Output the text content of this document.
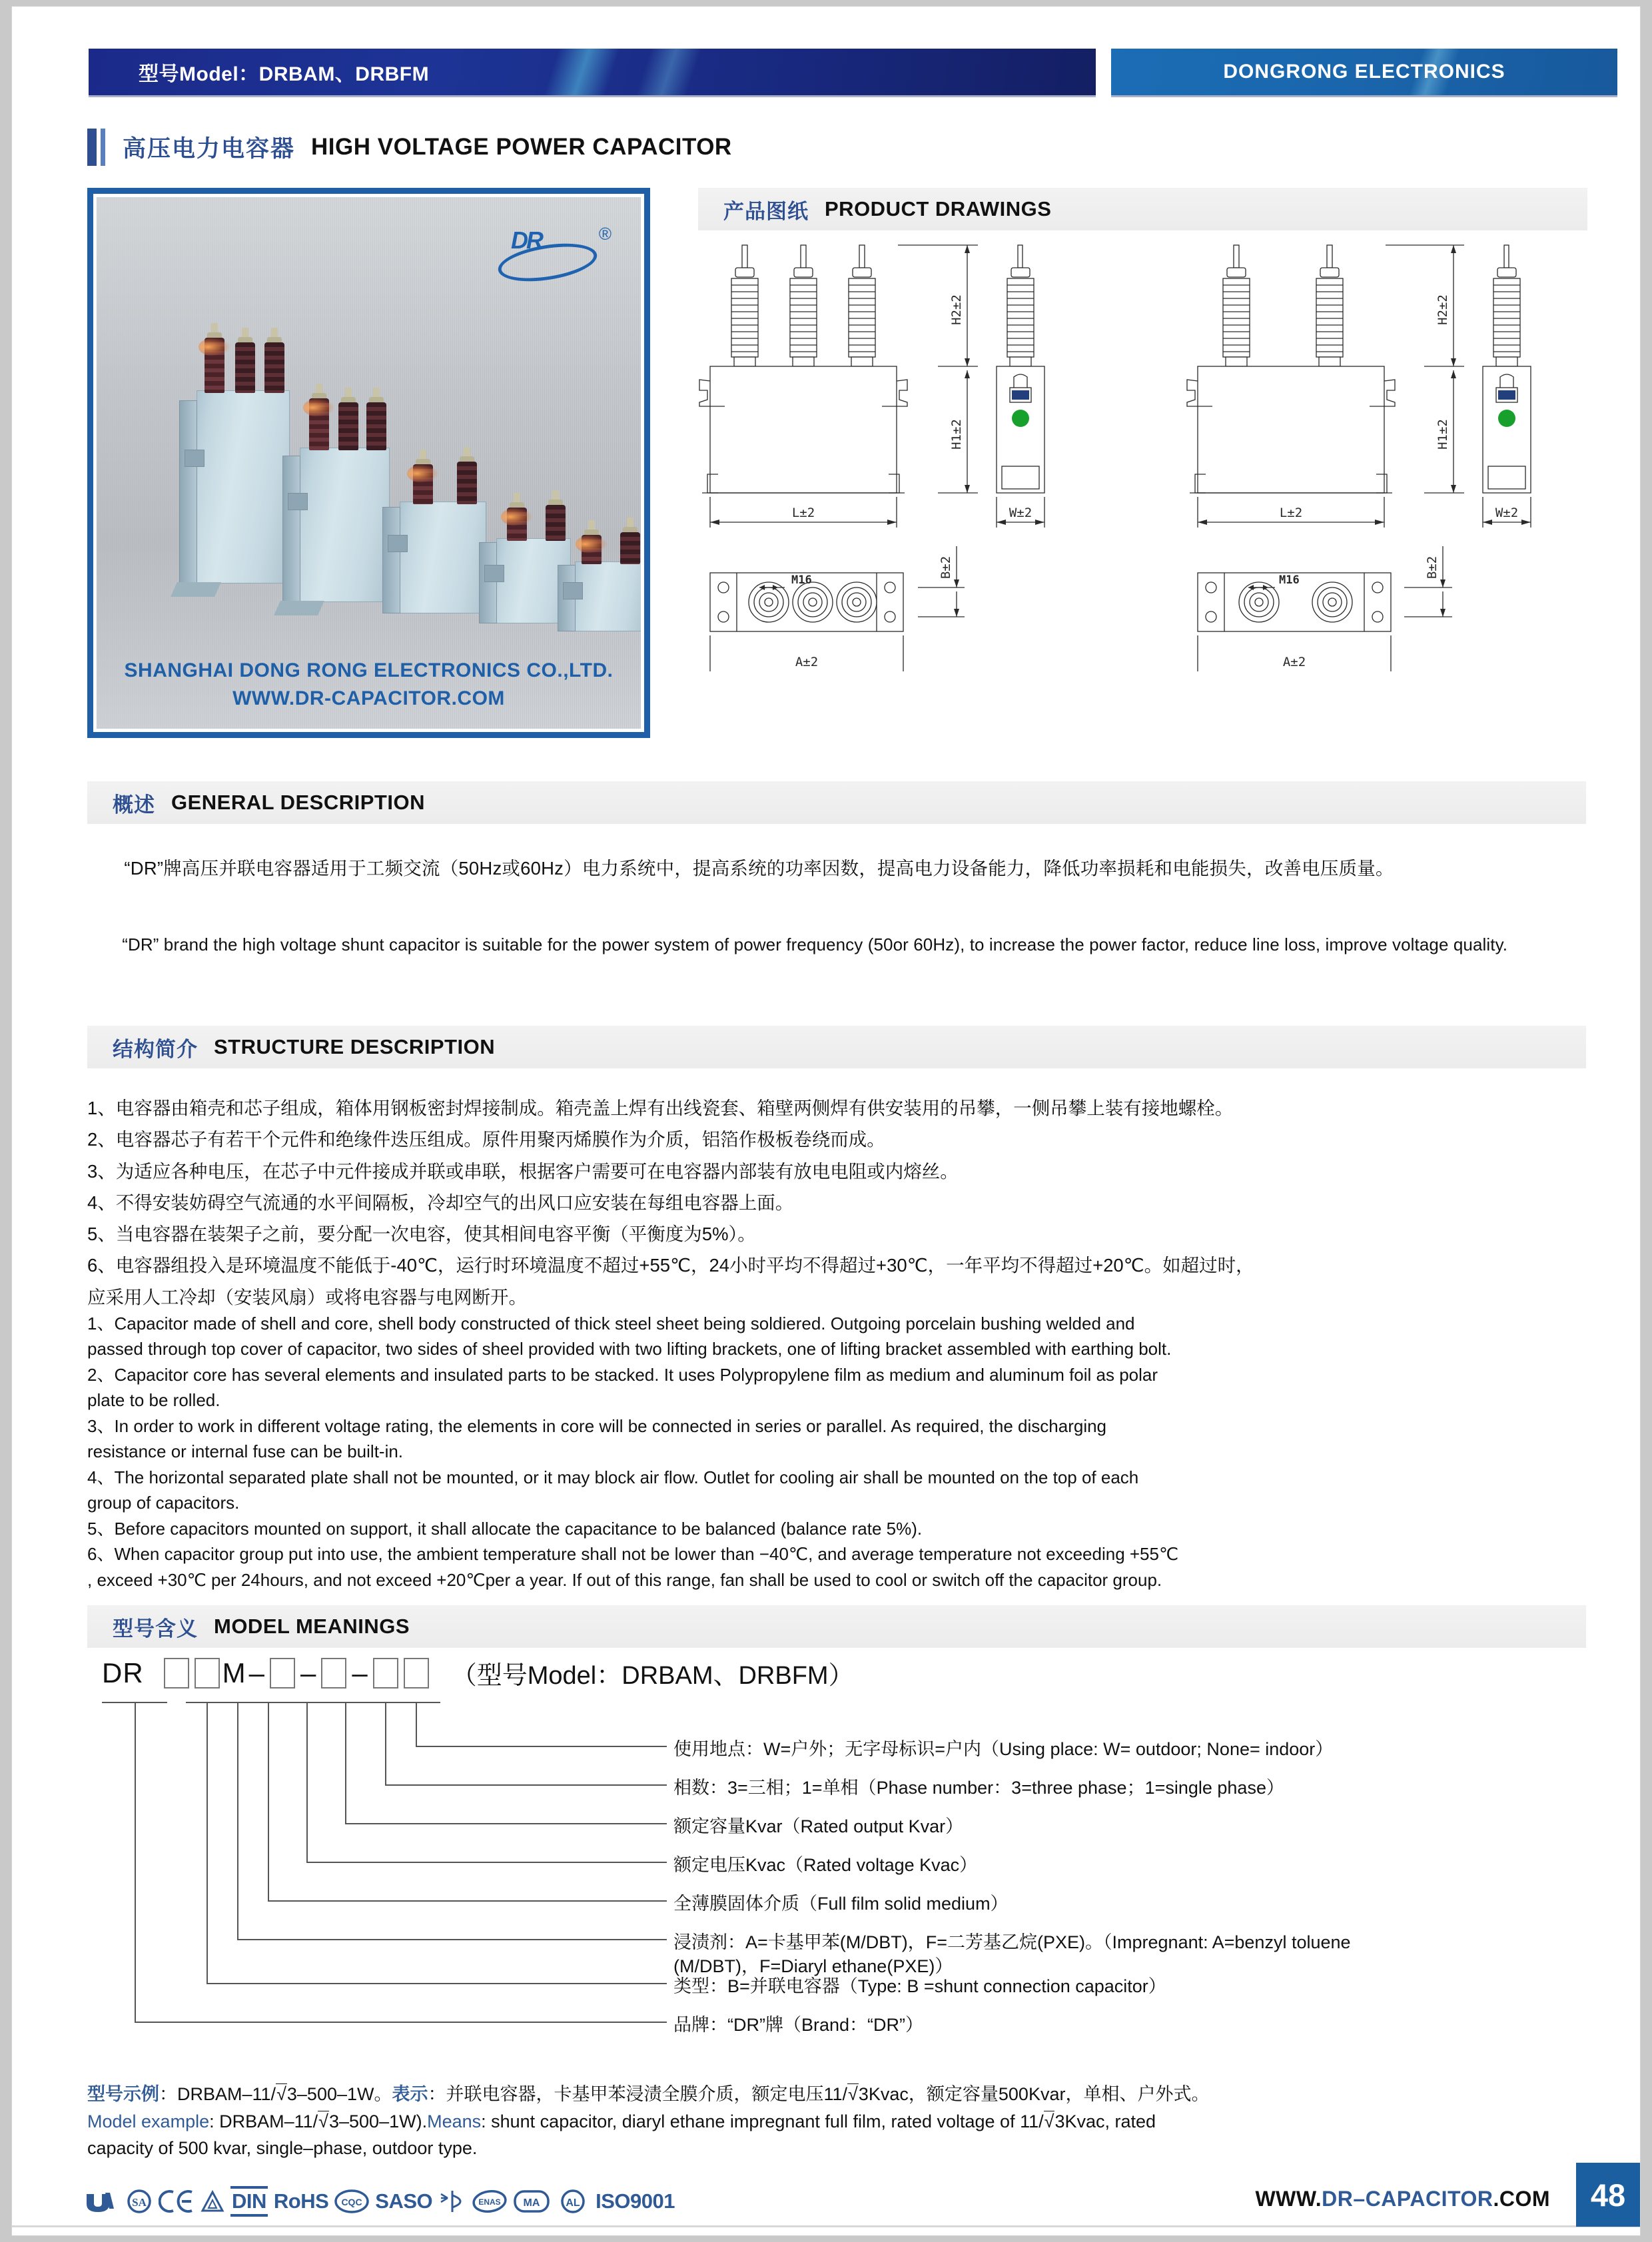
型号Model：DRBAM、DRBFM	DONGRONG ELECTRONICS
高压电力电容器 HIGH VOLTAGE POWER CAPACITOR
DR	®
SHANGHAI DONG RONG ELECTRONICS CO.,LTD.
WWW.DR-CAPACITOR.COM
产品图纸 PRODUCT DRAWINGS
H2±2
H1±2
L±2	W±2
B±2
A±2
M16
H2±2
H1±2
L±2	W±2
B±2
A±2
M16
概述 GENERAL DESCRIPTION
　　“DR”牌高压并联电容器适用于工频交流（50Hz或60Hz）电力系统中，提高系统的功率因数，提高电力设备能力，降低功率损耗和电能损失，改善电压质量。
　　“DR” brand the high voltage shunt capacitor is suitable for the power system of power frequency (50or 60Hz), to increase the power factor, reduce line loss, improve voltage quality.
结构简介 STRUCTURE DESCRIPTION
1、电容器由箱壳和芯子组成，箱体用钢板密封焊接制成。箱壳盖上焊有出线瓷套、箱壁两侧焊有供安装用的吊攀，一侧吊攀上装有接地螺栓。
2、电容器芯子有若干个元件和绝缘件迭压组成。原件用聚丙烯膜作为介质，铝箔作极板卷绕而成。
3、为适应各种电压，在芯子中元件接成并联或串联，根据客户需要可在电容器内部装有放电电阻或内熔丝。
4、不得安装妨碍空气流通的水平间隔板，冷却空气的出风口应安装在每组电容器上面。
5、当电容器在装架子之前，要分配一次电容，使其相间电容平衡（平衡度为5%）。
6、电容器组投入是环境温度不能低于-40℃，运行时环境温度不超过+55℃，24小时平均不得超过+30℃，一年平均不得超过+20℃。如超过时，
应采用人工冷却（安装风扇）或将电容器与电网断开。
1、Capacitor made of shell and core, shell body constructed of thick steel sheet being soldiered. Outgoing porcelain bushing welded and
passed through top cover of capacitor, two sides of sheel provided with two lifting brackets, one of lifting bracket assembled with earthing bolt.
2、Capacitor core has several elements and insulated parts to be stacked. It uses Polypropylene film as medium and aluminum foil as polar
plate to be rolled.
3、In order to work in different voltage rating, the elements in core will be connected in series or parallel. As required, the discharging
resistance or internal fuse can be built-in.
4、The horizontal separated plate shall not be mounted, or it may block air flow. Outlet for cooling air shall be mounted on the top of each
group of capacitors.
5、Before capacitors mounted on support, it shall allocate the capacitance to be balanced (balance rate 5%).
6、When capacitor group put into use, the ambient temperature shall not be lower than −40℃, and average temperature not exceeding +55℃
, exceed +30℃ per 24hours, and not exceed +20℃per a year. If out of this range, fan shall be used to cool or switch off the capacitor group.
型号含义 MODEL MEANINGS
DR	M – – –	（型号Model：DRBAM、DRBFM）
使用地点：W=户外；无字母标识=户内（Using place: W= outdoor; None= indoor）
相数：3=三相；1=单相（Phase number：3=three phase；1=single phase）
额定容量Kvar（Rated output Kvar）
额定电压Kvac（Rated voltage Kvac）
全薄膜固体介质（Full film solid medium）
浸渍剂：A=卡基甲苯(M/DBT)，F=二芳基乙烷(PXE)。（Impregnant: A=benzyl toluene
(M/DBT)，F=Diaryl ethane(PXE)）
类型：B=并联电容器（Type: B =shunt connection capacitor）
品牌：“DR”牌（Brand：“DR”）
型号示例：DRBAM–11/√3–500–1W。表示：并联电容器，卡基甲苯浸渍全膜介质，额定电压11/√3Kvac，额定容量500Kvar，单相、户外式。
Model example: DRBAM–11/√3–500–1W).Means: shunt capacitor, diaryl ethane impregnant full film, rated voltage of 11/√3Kvac, rated
capacity of 500 kvar, single–phase, outdoor type.
SA	DIN RoHS CQC SASO	ENAS MA AL ISO9001	WWW.DR–CAPACITOR.COM	48
